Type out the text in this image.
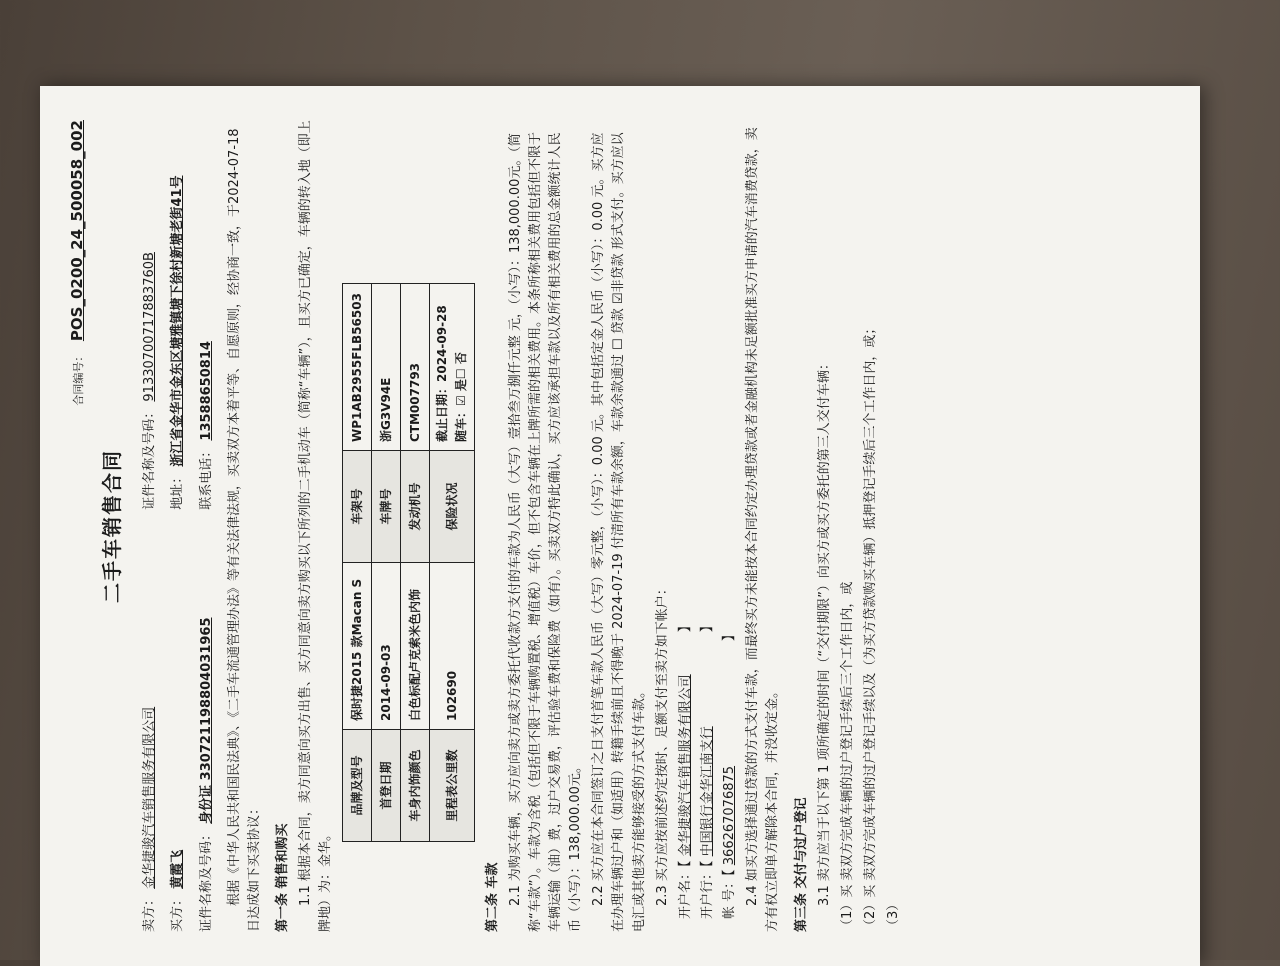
合同编号： POS_0200_24_500058_002
二手车销售合同
卖方： 金华捷骏汽车销售服务有限公司
证件名称及号码： 91330700717883760B
买方： 黄霞飞
地址： 浙江省金华市金东区塘雅镇塘下徐村新塘老街41号
证件名称及号码： 身份证 330721198804031965
联系电话： 13588650814 根据《中华人民共和国民法典》、《二手车流通管理办法》等有关法律法规，买卖双方本着平等、自愿原则，经协商一致，于2024-07-18日达成如下买卖协议： 第一条 销售和购买 1.1 根据本合同，卖方同意向买方出售、买方同意向卖方购买以下所列的二手机动车（简称“车辆”），且买方已确定，车辆的转入地（即上牌地）为：金华。

品牌及型号	保时捷2015 款Macan S	车架号	WP1AB2955FLB56503
首登日期	2014-09-03	车牌号	浙G3V94E
车身内饰颜色	白色标配卢克索米色内饰	发动机号	CTM007793
里程表公里数	102690	保险状况	截止日期：2024-09-28 随车：☑ 是☐ 否
第二条 车款 2.1 为购买车辆，买方应向卖方或卖方委托代收款方支付的车款为人民币（大写）壹拾叁万捌仟元整 元，（小写）：138,000.00元。（简称“车款”）。车款为含税（包括但不限于车辆购置税、增值税）车价，但不包含车辆在上牌所需的相关费用。本条所称相关费用包括但不限于车辆运输（油）费，过户交易费，评估验车费和保险费（如有）。买卖双方特此确认，买方应该承担车款以及所有相关费用的总金额统计人民币（小写）：138,000.00元。 2.2 买方应在本合同签订之日支付首笔车款人民币（大写）零元整，（小写）：0.00 元。其中包括定金人民币（小写）：0.00 元。买方应在办理车辆过户和（如适用）转籍手续前且不得晚于 2024-07-19 付清所有车款余额，车款余款通过 ☐ 贷款 ☑非贷款 形式支付。买方应以电汇或其他卖方能够接受的方式支付车款。 2.3 买方应按前述约定按时、足额支付至卖方如下帐户： 开户名：【 金华捷骏汽车销售服务有限公司 】
开户行：【 中国银行金华江南支行 】
帐 号：【 366267076875 】 2.4 如买方选择通过贷款的方式支付车款，而最终买方未能按本合同约定办理贷款或者金融机构未足额批准买方申请的汽车消费贷款，卖方有权立即单方解除本合同，并没收定金。 第三条 交付与过户登记 3.1 卖方应当于以下第 1 项所确定的时间（“交付期限”）向买方或买方委托的第三人交付车辆： （1）买 卖双方完成车辆的过户登记手续后三个工作日内，或 （2）买 卖双方完成车辆的过户登记手续以及（为买方贷款购买车辆）抵押登记手续后三个工作日内，或； （3）
